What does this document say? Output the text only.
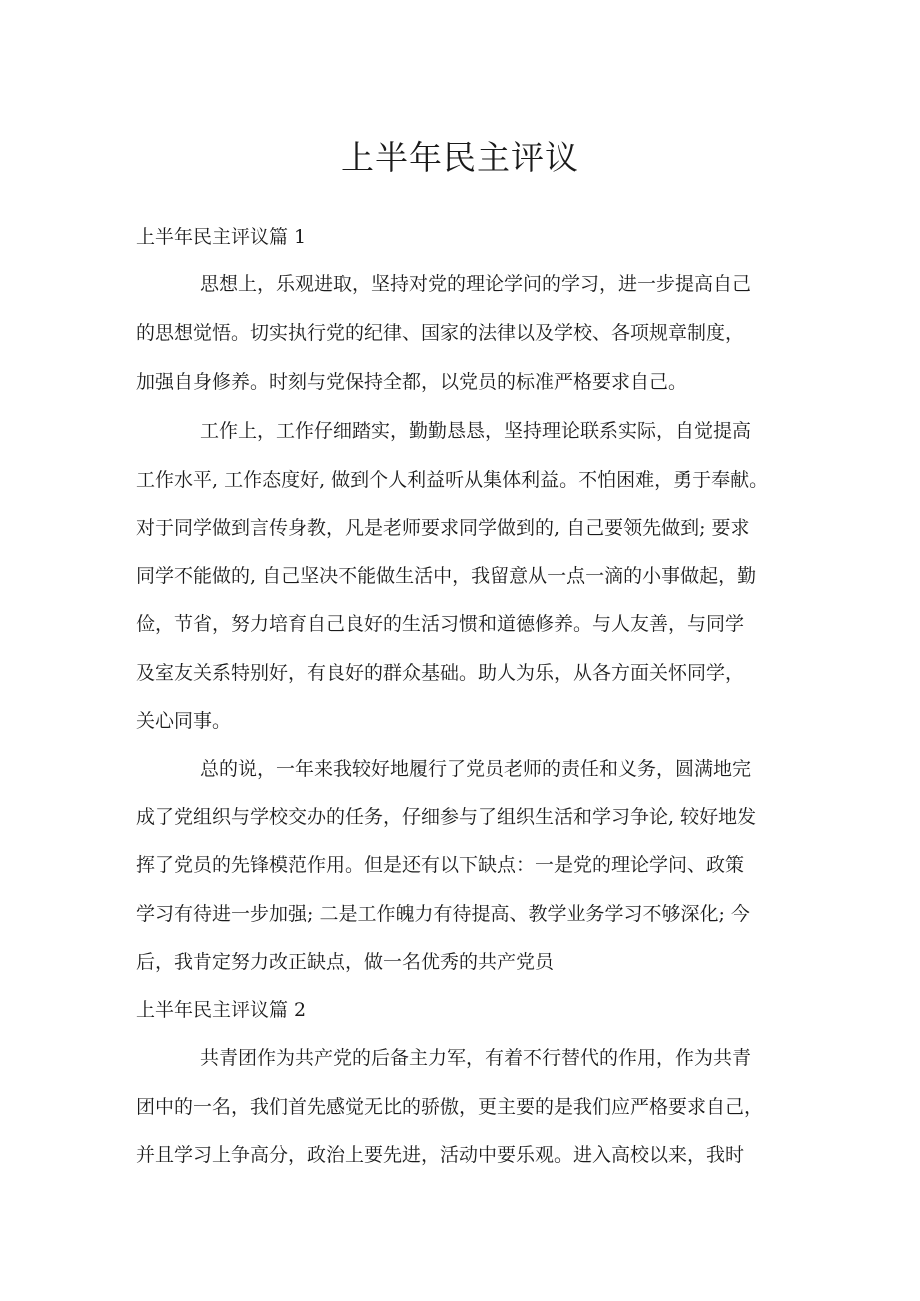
上半年民主评议
上半年民主评议篇 1
思想上，乐观进取，坚持对党的理论学问的学习，进一步提高自己
的思想觉悟。切实执行党的纪律、国家的法律以及学校、各项规章制度，
加强自身修养。时刻与党保持全都，以党员的标准严格要求自己。
工作上，工作仔细踏实，勤勤恳恳，坚持理论联系实际，自觉提高
工作水平, 工作态度好, 做到个人利益听从集体利益。不怕困难，勇于奉献。
对于同学做到言传身教，凡是老师要求同学做到的, 自己要领先做到; 要求
同学不能做的, 自己坚决不能做生活中，我留意从一点一滴的小事做起，勤
俭，节省，努力培育自己良好的生活习惯和道德修养。与人友善，与同学
及室友关系特别好，有良好的群众基础。助人为乐，从各方面关怀同学，
关心同事。
总的说，一年来我较好地履行了党员老师的责任和义务，圆满地完
成了党组织与学校交办的任务，仔细参与了组织生活和学习争论, 较好地发
挥了党员的先锋模范作用。但是还有以下缺点：一是党的理论学问、政策
学习有待进一步加强; 二是工作魄力有待提高、教学业务学习不够深化; 今
后，我肯定努力改正缺点，做一名优秀的共产党员
上半年民主评议篇 2
共青团作为共产党的后备主力军，有着不行替代的作用，作为共青
团中的一名，我们首先感觉无比的骄傲，更主要的是我们应严格要求自己，
并且学习上争高分，政治上要先进，活动中要乐观。进入高校以来，我时
